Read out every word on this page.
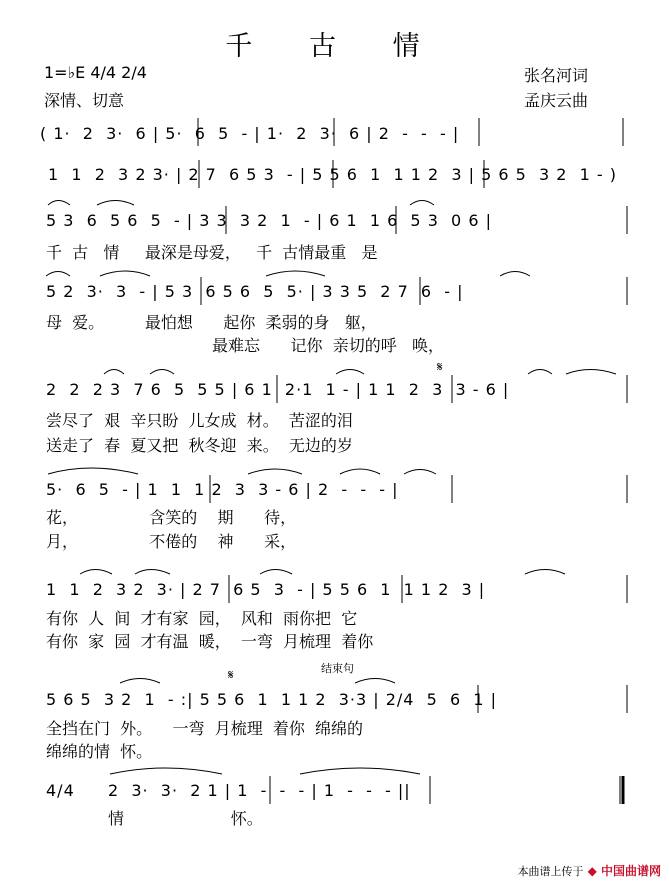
千 古 情
1=♭E 4/4 2/4
深情、切意
张名河词
孟庆云曲
( 1·  2  3·  6 | 5·  6  5  - | 1·  2  3·  6 | 2  -  -  - |
1  1  2  3 2 3· | 2 7  6 5 3  - | 5 5 6  1  1 1 2  3 | 5 6 5  3 2  1 - )
5 3  6  5 6  5  - | 3 3  3 2  1  - | 6 1  1 6  5 3  0 6 |
千  古   情     最深是母爱，   千  古情最重   是
5 2  3·  3  - | 5 3  6 5 6  5  5· | 3 3 5  2 7  6  - |
母  爱。        最怕想      起你  柔弱的身   躯，
最难忘      记你  亲切的呼   唤，
𝄋
2  2  2 3  7 6  5  5 5 | 6 1  2·1  1 - | 1 1  2  3  3 - 6 |
尝尽了  艰  辛只盼  儿女成  材。  苦涩的泪
送走了  春  夏又把  秋冬迎  来。  无边的岁
5·  6  5  - | 1  1  1 2  3  3 - 6 | 2  -  -  - |
花，              含笑的    期      待，
月，              不倦的    神      采，
1  1  2  3 2  3· | 2 7  6 5  3  - | 5 5 6  1  1 1 2  3 |
有你  人  间  才有家  园，  风和  雨你把  它
有你  家  园  才有温  暖，  一弯  月梳理  着你
结束句
𝄋
5 6 5  3 2  1  - :| 5 5 6  1  1 1 2  3·3 | 2/4  5  6  1 |
全挡在门  外。    一弯  月梳理  着你  绵绵的
绵绵的情  怀。
4/4 2  3·  3·  2 1 | 1  -  -  - | 1  -  -  - ||
情                     怀。
本曲谱上传于 ◆ 中国曲谱网
